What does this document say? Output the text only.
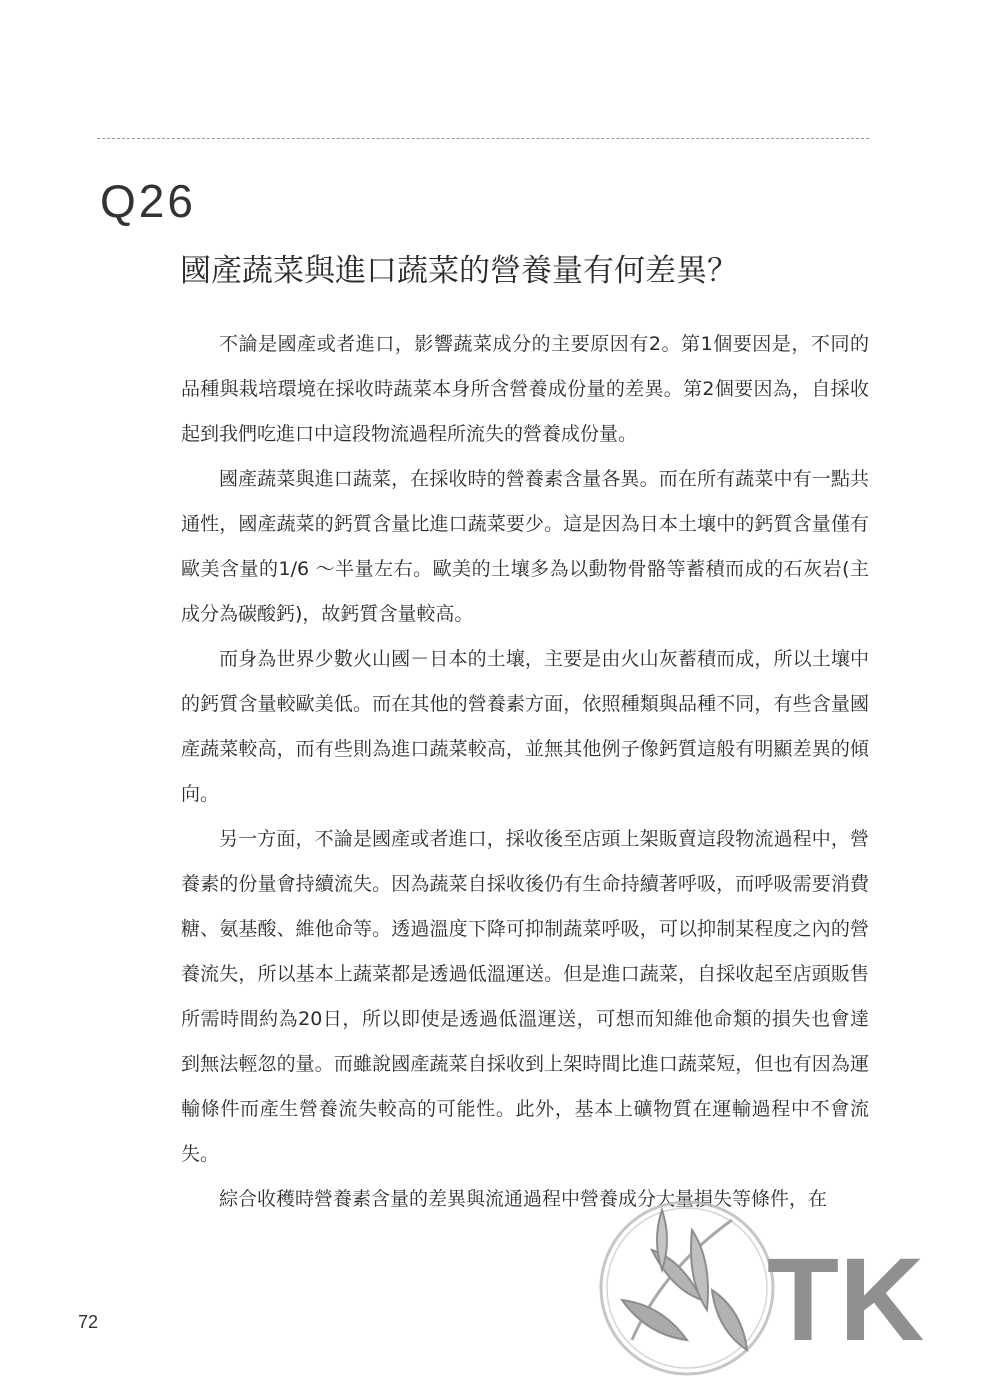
Q26
國產蔬菜與進口蔬菜的營養量有何差異？

不論是國產或者進口，影響蔬菜成分的主要原因有2。第1個要因是，不同的品種與栽培環境在採收時蔬菜本身所含營養成份量的差異。第2個要因為，自採收起到我們吃進口中這段物流過程所流失的營養成份量。

國產蔬菜與進口蔬菜，在採收時的營養素含量各異。而在所有蔬菜中有一點共通性，國產蔬菜的鈣質含量比進口蔬菜要少。這是因為日本土壤中的鈣質含量僅有歐美含量的1/6 ～半量左右。歐美的土壤多為以動物骨骼等蓄積而成的石灰岩(主成分為碳酸鈣)，故鈣質含量較高。

而身為世界少數火山國－日本的土壤，主要是由火山灰蓄積而成，所以土壤中的鈣質含量較歐美低。而在其他的營養素方面，依照種類與品種不同，有些含量國產蔬菜較高，而有些則為進口蔬菜較高，並無其他例子像鈣質這般有明顯差異的傾向。

另一方面，不論是國產或者進口，採收後至店頭上架販賣這段物流過程中，營養素的份量會持續流失。因為蔬菜自採收後仍有生命持續著呼吸，而呼吸需要消費糖、氨基酸、維他命等。透過溫度下降可抑制蔬菜呼吸，可以抑制某程度之內的營養流失，所以基本上蔬菜都是透過低溫運送。但是進口蔬菜，自採收起至店頭販售所需時間約為20日，所以即使是透過低溫運送，可想而知維他命類的損失也會達到無法輕忽的量。而雖說國產蔬菜自採收到上架時間比進口蔬菜短，但也有因為運輸條件而產生營養流失較高的可能性。此外，基本上礦物質在運輸過程中不會流失。

綜合收穫時營養素含量的差異與流通過程中營養成分大量損失等條件，在

72	TK
